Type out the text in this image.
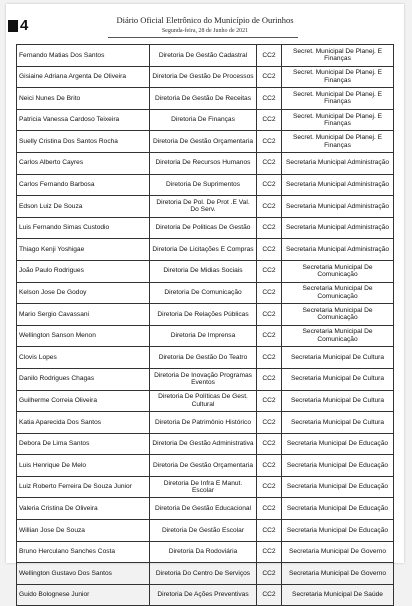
4	Diário Oficial Eletrônico do Município de Ourinhos
Segunda-feira, 28 de Junho de 2021
Fernando Matias Dos Santos	Diretoria De Gestão Cadastral	CC2	Secret. Municipal De Planej. E Finanças
Gisiaine Adriana Argenta De Oliveira	Diretoria De Gestão De Processos	CC2	Secret. Municipal De Planej. E Finanças
Neici Nunes De Brito	Diretoria De Gestão De Receitas	CC2	Secret. Municipal De Planej. E Finanças
Patricia Vanessa Cardoso Teixeira	Diretoria De Finanças	CC2	Secret. Municipal De Planej. E Finanças
Suelly Cristina Dos Santos Rocha	Diretoria De Gestão Orçamentaria	CC2	Secret. Municipal De Planej. E Finanças
Carlos Alberto Cayres	Diretoria De Recursos Humanos	CC2	Secretaria Municipal Administração
Carlos Fernando Barbosa	Diretoria De Suprimentos	CC2	Secretaria Municipal Administração
Edson Luiz De Souza	Diretoria De Pol. De Prot .E Val. Do Serv.	CC2	Secretaria Municipal Administração
Luis Fernando Simas Custodio	Diretoria De Politicas De Gestão	CC2	Secretaria Municipal Administração
Thiago Kenji Yoshigae	Diretoria De Licitações E Compras	CC2	Secretaria Municipal Administração
João Paulo Rodrigues	Diretoria De Midias Sociais	CC2	Secretaria Municipal De Comunicação
Kelson Jose De Godoy	Diretoria De Comunicação	CC2	Secretaria Municipal De Comunicação
Mario Sergio Cavassani	Diretoria De Relações Públicas	CC2	Secretaria Municipal De Comunicação
Wellington Sanson Menon	Diretoria De Imprensa	CC2	Secretaria Municipal De Comunicação
Clovis Lopes	Diretoria De Gestão Do Teatro	CC2	Secretaria Municipal De Cultura
Danilo Rodrigues Chagas	Diretoria De Inovação Programas Eventos	CC2	Secretaria Municipal De Cultura
Guilherme Correia Oliveira	Diretoria De Políticas De Gest. Cultural	CC2	Secretaria Municipal De Cultura
Katia Aparecida Dos Santos	Diretoria De Patrimônio Histórico	CC2	Secretaria Municipal De Cultura
Debora De Lima Santos	Diretoria De Gestão Administrativa	CC2	Secretaria Municipal De Educação
Luis Henrique De Melo	Diretoria De Gestão Orçamentaria	CC2	Secretaria Municipal De Educação
Luiz Roberto Ferreira De Souza Junior	Diretoria De Infra E Manut. Escolar	CC2	Secretaria Municipal De Educação
Valeria Cristina De Oliveira	Diretoria De Gestão Educacional	CC2	Secretaria Municipal De Educação
Willian Jose De Souza	Diretoria De Gestão Escolar	CC2	Secretaria Municipal De Educação
Bruno Herculano Sanches Costa	Diretoria Da Rodoviária	CC2	Secretaria Municipal De Governo
Wellington Gustavo Dos Santos	Diretoria Do Centro De Serviços	CC2	Secretaria Municipal De Governo
Guido Bolognese Junior	Diretoria De Ações Preventivas	CC2	Secretaria Municipal De Saúde
